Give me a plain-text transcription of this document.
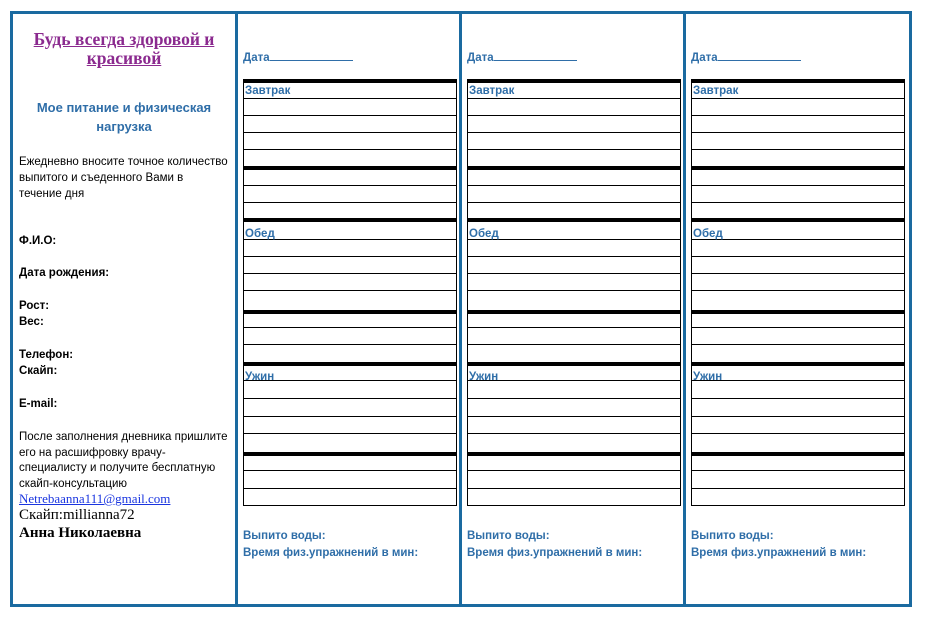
Будь всегда здоровой и красивой
Мое питание и физическая нагрузка
Ежедневно вносите точное количество выпитого и съеденного Вами в течение дня
Ф.И.О:
Дата рождения:
Рост:
Вес:
Телефон:
Скайп:
E-mail:
После заполнения дневника пришлите его на расшифровку врачу-специалисту и получите бесплатную скайп-консультацию
Netrebaanna111@gmail.com
Скайп:millianna72
Анна Николаевна
Дата
Завтрак
Обед
Ужин
Выпито воды:
Время физ.упражнений в мин:
Дата
Завтрак
Обед
Ужин
Выпито воды:
Время физ.упражнений в мин:
Дата
Завтрак
Обед
Ужин
Выпито воды:
Время физ.упражнений в мин:
